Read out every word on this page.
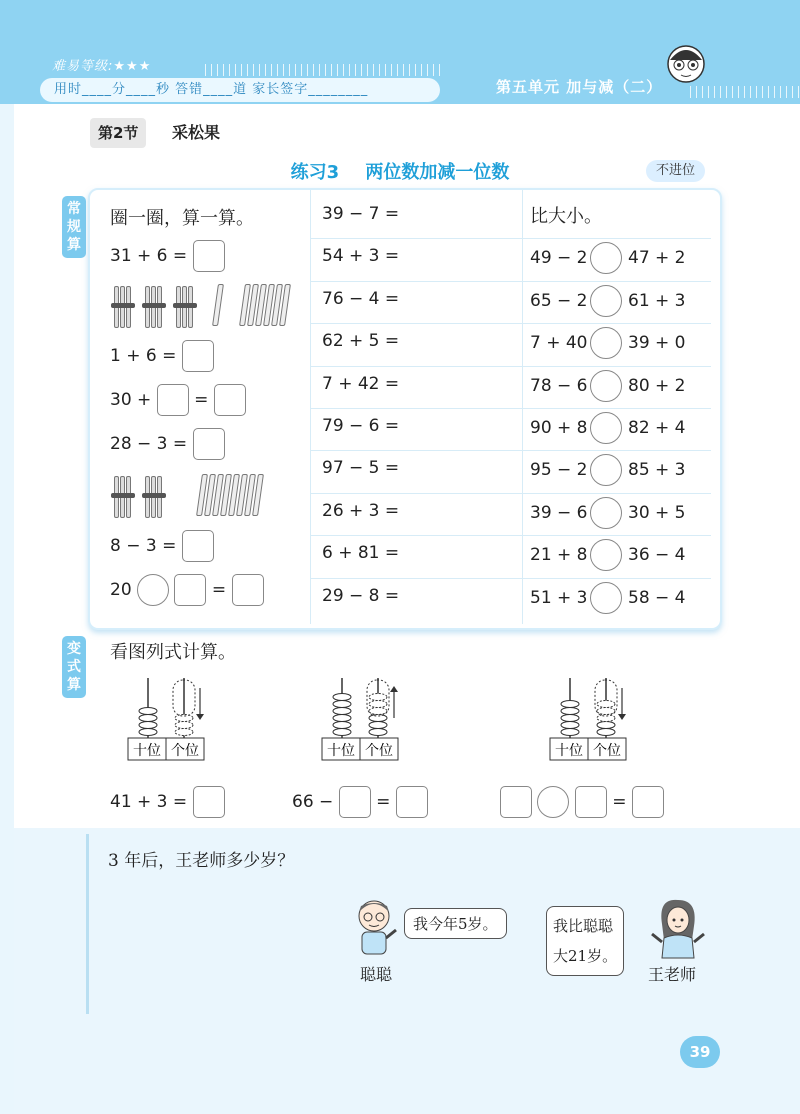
难易等级:★★★
用时____分____秒 答错____道 家长签字________	第五单元 加与减（二）
第2节	采松果
练习3 两位数加减一位数	不进位
常规算
变式算
圈一圈，算一算。
31 + 6 =

1 + 6 =
30 +	=
28 − 3 =

8 − 3 =
20	=
39 − 7 =
54 + 3 =
76 − 4 =
62 + 5 =
7 + 42 =
79 − 6 =
97 − 5 =
26 + 3 =
6 + 81 =
29 − 8 =
比大小。
49 − 2 47 + 2
65 − 2 61 + 3
7 + 40 39 + 0
78 − 6 80 + 2
90 + 8 82 + 4
95 − 2 85 + 3
39 − 6 30 + 5
21 + 8 36 − 4
51 + 3 58 − 4
看图列式计算。
十位 个位	十位 个位	十位 个位
41 + 3 =	66 −	=	=
3 年后，王老师多少岁？
我今年5岁。
聪聪
我比聪聪
大21岁。
王老师
39
